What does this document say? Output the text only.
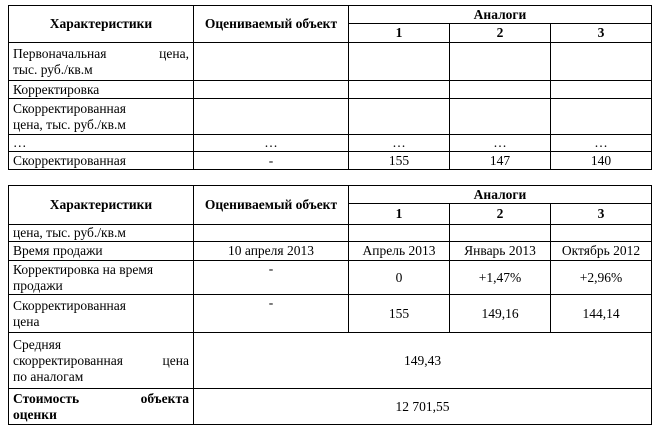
Характеристики	Оцениваемый объект	Аналоги		
		1	2	3

Первоначальная цена,
тыс. руб./кв.м				

Корректировка				

Скорректированная
цена, тыс. руб./кв.м				

…	…	…	…	…
Скорректированная	-	155	147	140
Характеристики	Оцениваемый объект	Аналоги		
		1	2	3
цена, тыс. руб./кв.м				
Время продажи	10 апреля 2013	Апрель 2013	Январь 2013	Октябрь 2012

Корректировка на время
продажи	-	0	+1,47%	+2,96%

Скорректированная
цена	-	155	149,16	144,14

Средняя
скорректированная цена
по аналогам	149,43			

Стоимость объекта
оценки	12 701,55			
